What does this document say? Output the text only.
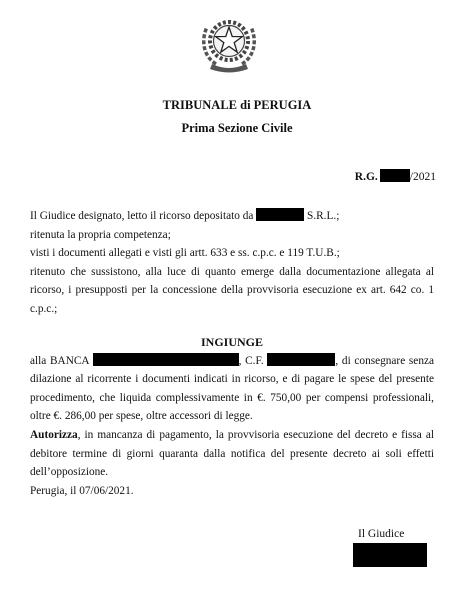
TRIBUNALE di PERUGIA
Prima Sezione Civile
R.G.	/2021

Il Giudice designato, letto il ricorso depositato da	S.R.L.;

ritenuta la propria competenza;

visti i documenti allegati e visti gli artt. 633 e ss. c.p.c. e 119 T.U.B.;

ritenuto che sussistono, alla luce di quanto emerge dalla documentazione allegata al ricorso, i presupposti per la concessione della provvisoria esecuzione ex art. 642 co. 1 c.p.c.;

INGIUNGE

alla BANCA	, C.F.	, di consegnare senza dilazione al ricorrente i documenti indicati in ricorso, e di pagare le spese del presente procedimento, che liquida complessivamente in €. 750,00 per compensi professionali, oltre €. 286,00 per spese, oltre accessori di legge.

Autorizza, in mancanza di pagamento, la provvisoria esecuzione del decreto e fissa al debitore termine di giorni quaranta dalla notifica del presente decreto ai soli effetti dell’opposizione.

Perugia, il 07/06/2021.

Il Giudice
